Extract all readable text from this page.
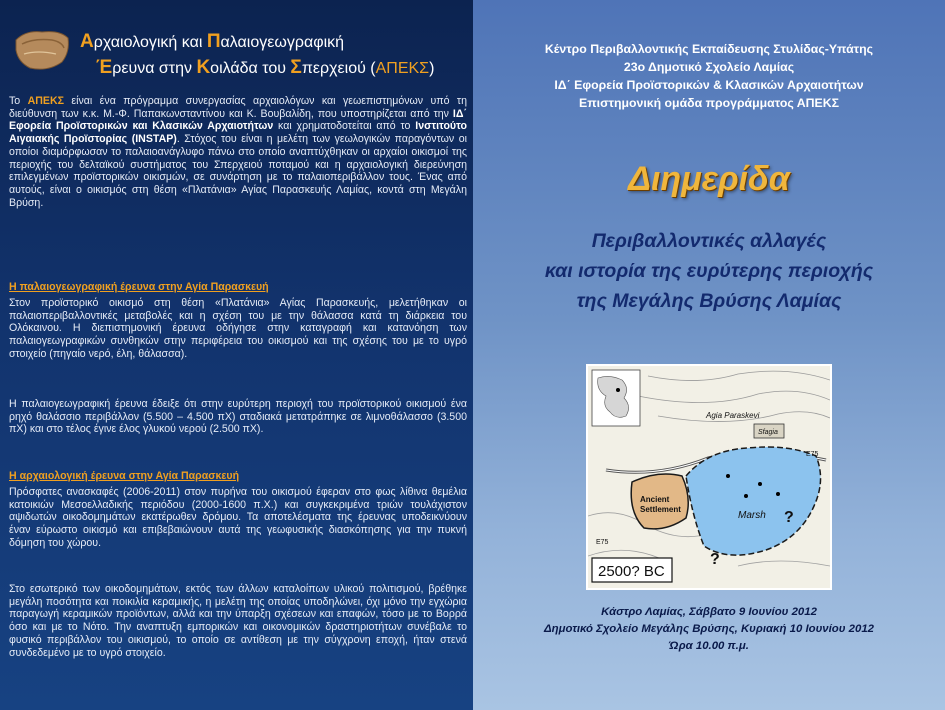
Αρχαιολογική και Παλαιογεωγραφική
Έρευνα στην Κοιλάδα του Σπερχειού (ΑΠΕΚΣ)

Το ΑΠΕΚΣ είναι ένα πρόγραμμα συνεργασίας αρχαιολόγων και γεωεπιστημόνων υπό τη διεύθυνση των κ.κ. Μ.-Φ. Παπακωνσταντίνου και Κ. Βουβαλίδη, που υποστηρίζεται από την ΙΔ΄ Εφορεία Προϊστορικών και Κλασικών Αρχαιοτήτων και χρηματοδοτείται από το Ινστιτούτο Αιγαιακής Προϊστορίας (INSTAP). Στόχος του είναι η μελέτη των γεωλογικών παραγόντων οι οποίοι διαμόρφωσαν το παλαιοανάγλυφο πάνω στο οποίο αναπτύχθηκαν οι αρχαίοι οικισμοί της περιοχής του δελταϊκού συστήματος του Σπερχειού ποταμού και η αρχαιολογική διερεύνηση επιλεγμένων προϊστορικών οικισμών, σε συνάρτηση με το παλαιοπεριβάλλον τους. Ένας από αυτούς, είναι ο οικισμός στη θέση «Πλατάνια» Αγίας Παρασκευής Λαμίας, κοντά στη Μεγάλη Βρύση.

Η παλαιογεωγραφική έρευνα στην Αγία Παρασκευή

Στον προϊστορικό οικισμό στη θέση «Πλατάνια» Αγίας Παρασκευής, μελετήθηκαν οι παλαιοπεριβαλλοντικές μεταβολές και η σχέση του με την θάλασσα κατά τη διάρκεια του Ολόκαινου. Η διεπιστημονική έρευνα οδήγησε στην καταγραφή και κατανόηση των παλαιογεωγραφικών συνθηκών στην περιφέρεια του οικισμού και της σχέσης του με το υγρό στοιχείο (πηγαίο νερό, έλη, θάλασσα).

Η παλαιογεωγραφική έρευνα έδειξε ότι στην ευρύτερη περιοχή του προϊστορικού οικισμού ένα ρηχό θαλάσσιο περιβάλλον (5.500 – 4.500 πΧ) σταδιακά μετατράπηκε σε λιμνοθάλασσο (3.500 πΧ) και στο τέλος έγινε έλος γλυκού νερού (2.500 πΧ).

Η αρχαιολογική έρευνα στην Αγία Παρασκευή

Πρόσφατες ανασκαφές (2006-2011) στον πυρήνα του οικισμού έφεραν στο φως λίθινα θεμέλια κατοικιών Μεσοελλαδικής περιόδου (2000-1600 π.Χ.) και συγκεκριμένα τριών τουλάχιστον αψιδωτών οικοδομημάτων εκατέρωθεν δρόμου. Τα αποτελέσματα της έρευνας υποδεικνύουν έναν εύρωστο οικισμό και επιβεβαιώνουν αυτά της γεωφυσικής διασκόπησης για την πυκνή δόμηση του χώρου.

Στο εσωτερικό των οικοδομημάτων, εκτός των άλλων καταλοίπων υλικού πολιτισμού, βρέθηκε μεγάλη ποσότητα και ποικιλία κεραμικής, η μελέτη της οποίας υποδηλώνει, όχι μόνο την εγχώρια παραγωγή κεραμικών προϊόντων, αλλά και την ύπαρξη σχέσεων και επαφών, τόσο με το Βορρά όσο και με το Νότο. Την αναπτυξη εμπορικών και οικονομικών δραστηριοτήτων συνέβαλε το φυσικό περιβάλλον του οικισμού, το οποίο σε αντίθεση με την σύγχρονη εποχή, ήταν στενά συνδεδεμένο με το υγρό στοιχείο.

Κέντρο Περιβαλλοντικής Εκπαίδευσης Στυλίδας-Υπάτης
23ο Δημοτικό Σχολείο Λαμίας
ΙΔ΄ Εφορεία Προϊστορικών & Κλασικών Αρχαιοτήτων
Επιστημονική ομάδα προγράμματος ΑΠΕΚΣ
Διημερίδα
Περιβαλλοντικές αλλαγές
και ιστορία της ευρύτερης περιοχής
της Μεγάλης Βρύσης Λαμίας
Agia Paraskevi
Sfagia
E75
E75
Ancient
Settlement
Marsh ?
?
2500? BC
Κάστρο Λαμίας, Σάββατο 9 Ιουνίου 2012
Δημοτικό Σχολείο Μεγάλης Βρύσης, Κυριακή 10 Ιουνίου 2012
Ώρα 10.00 π.μ.
